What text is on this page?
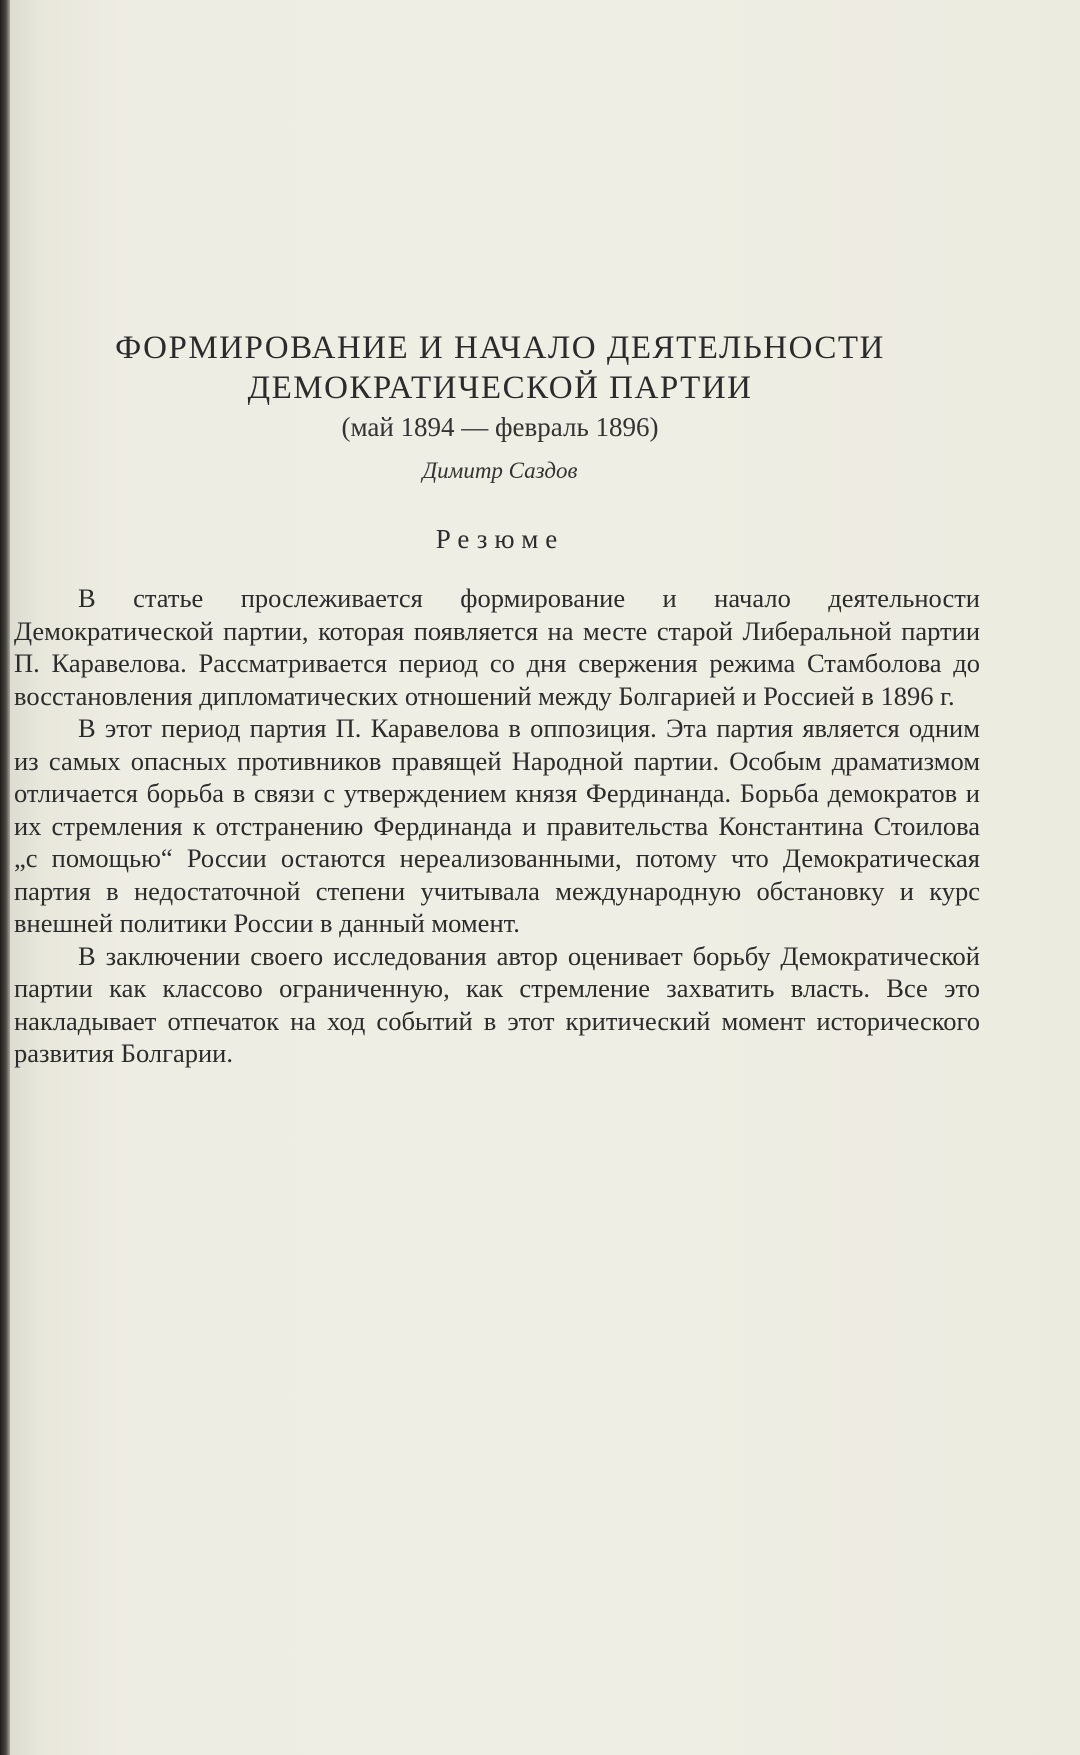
ФОРМИРОВАНИЕ И НАЧАЛО ДЕЯТЕЛЬНОСТИ
ДЕМОКРАТИЧЕСКОЙ ПАРТИИ
(май 1894 — февраль 1896)
Димитр Саздов
Резюме

В статье прослеживается формирование и начало деятельности Демократической партии, которая появляется на месте старой Либеральной партии П. Каравелова. Рассматривается период со дня свержения режима Стамболова до восстановления дипломатических отношений между Болгарией и Россией в 1896 г.

В этот период партия П. Каравелова в оппозиция. Эта партия является одним из самых опасных противников правящей Народной партии. Особым драматизмом отличается борьба в связи с утверждением князя Фердинанда. Борьба демократов и их стремления к отстранению Фердинанда и правительства Константина Стоилова „с помощью“ России остаются нереализованными, потому что Демократическая партия в недостаточной степени учитывала международную обстановку и курс внешней политики России в данный момент.

В заключении своего исследования автор оценивает борьбу Демократической партии как классово ограниченную, как стремление захватить власть. Все это накладывает отпечаток на ход событий в этот критический момент исторического развития Болгарии.
